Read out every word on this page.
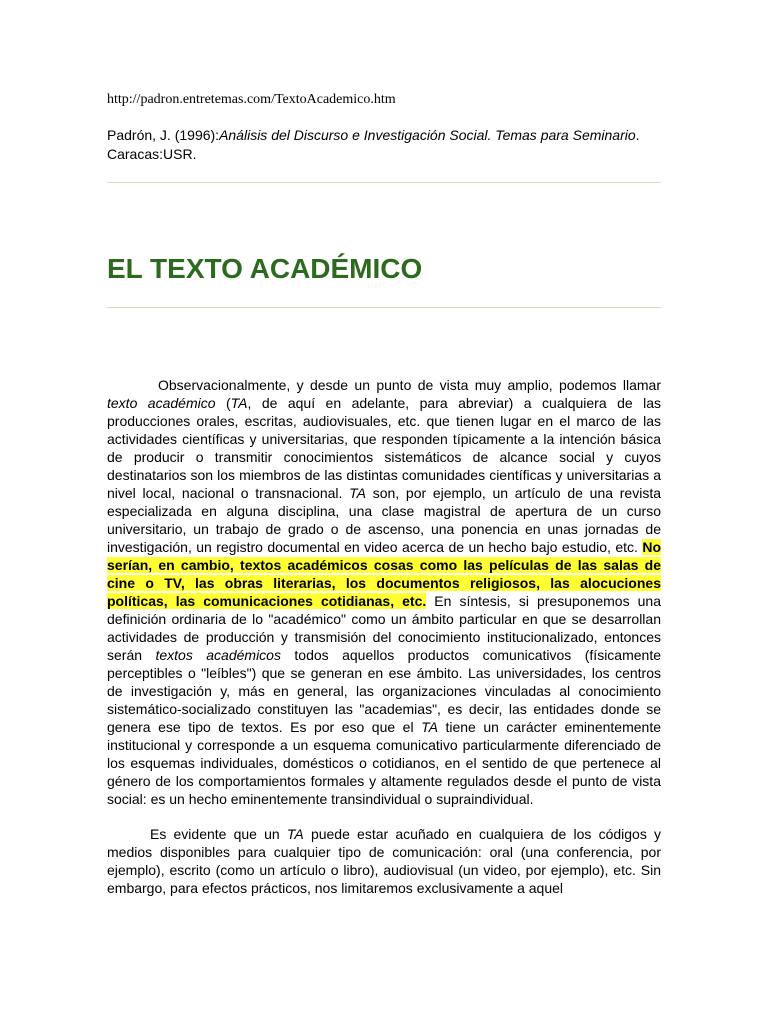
http://padron.entretemas.com/TextoAcademico.htm
Padrón, J. (1996):Análisis del Discurso e Investigación Social. Temas para Seminario. Caracas:USR.
EL TEXTO ACADÉMICO

Observacionalmente, y desde un punto de vista muy amplio, podemos llamar texto académico (TA, de aquí en adelante, para abreviar) a cualquiera de las producciones orales, escritas, audiovisuales, etc. que tienen lugar en el marco de las actividades científicas y universitarias, que responden típicamente a la intención básica de producir o transmitir conocimientos sistemáticos de alcance social y cuyos destinatarios son los miembros de las distintas comunidades científicas y universitarias a nivel local, nacional o transnacional. TA son, por ejemplo, un artículo de una revista especializada en alguna disciplina, una clase magistral de apertura de un curso universitario, un trabajo de grado o de ascenso, una ponencia en unas jornadas de investigación, un registro documental en video acerca de un hecho bajo estudio, etc. No serían, en cambio, textos académicos cosas como las películas de las salas de cine o TV, las obras literarias, los documentos religiosos, las alocuciones políticas, las comunicaciones cotidianas, etc. En síntesis, si presuponemos una definición ordinaria de lo "académico" como un ámbito particular en que se desarrollan actividades de producción y transmisión del conocimiento institucionalizado, entonces serán textos académicos todos aquellos productos comunicativos (físicamente perceptibles o "leíbles") que se generan en ese ámbito. Las universidades, los centros de investigación y, más en general, las organizaciones vinculadas al conocimiento sistemático-socializado constituyen las "academias", es decir, las entidades donde se genera ese tipo de textos. Es por eso que el TA tiene un carácter eminentemente institucional y corresponde a un esquema comunicativo particularmente diferenciado de los esquemas individuales, domésticos o cotidianos, en el sentido de que pertenece al género de los comportamientos formales y altamente regulados desde el punto de vista social: es un hecho eminentemente transindividual o supraindividual.

Es evidente que un TA puede estar acuñado en cualquiera de los códigos y medios disponibles para cualquier tipo de comunicación: oral (una conferencia, por ejemplo), escrito (como un artículo o libro), audiovisual (un video, por ejemplo), etc. Sin embargo, para efectos prácticos, nos limitaremos exclusivamente a aquel
